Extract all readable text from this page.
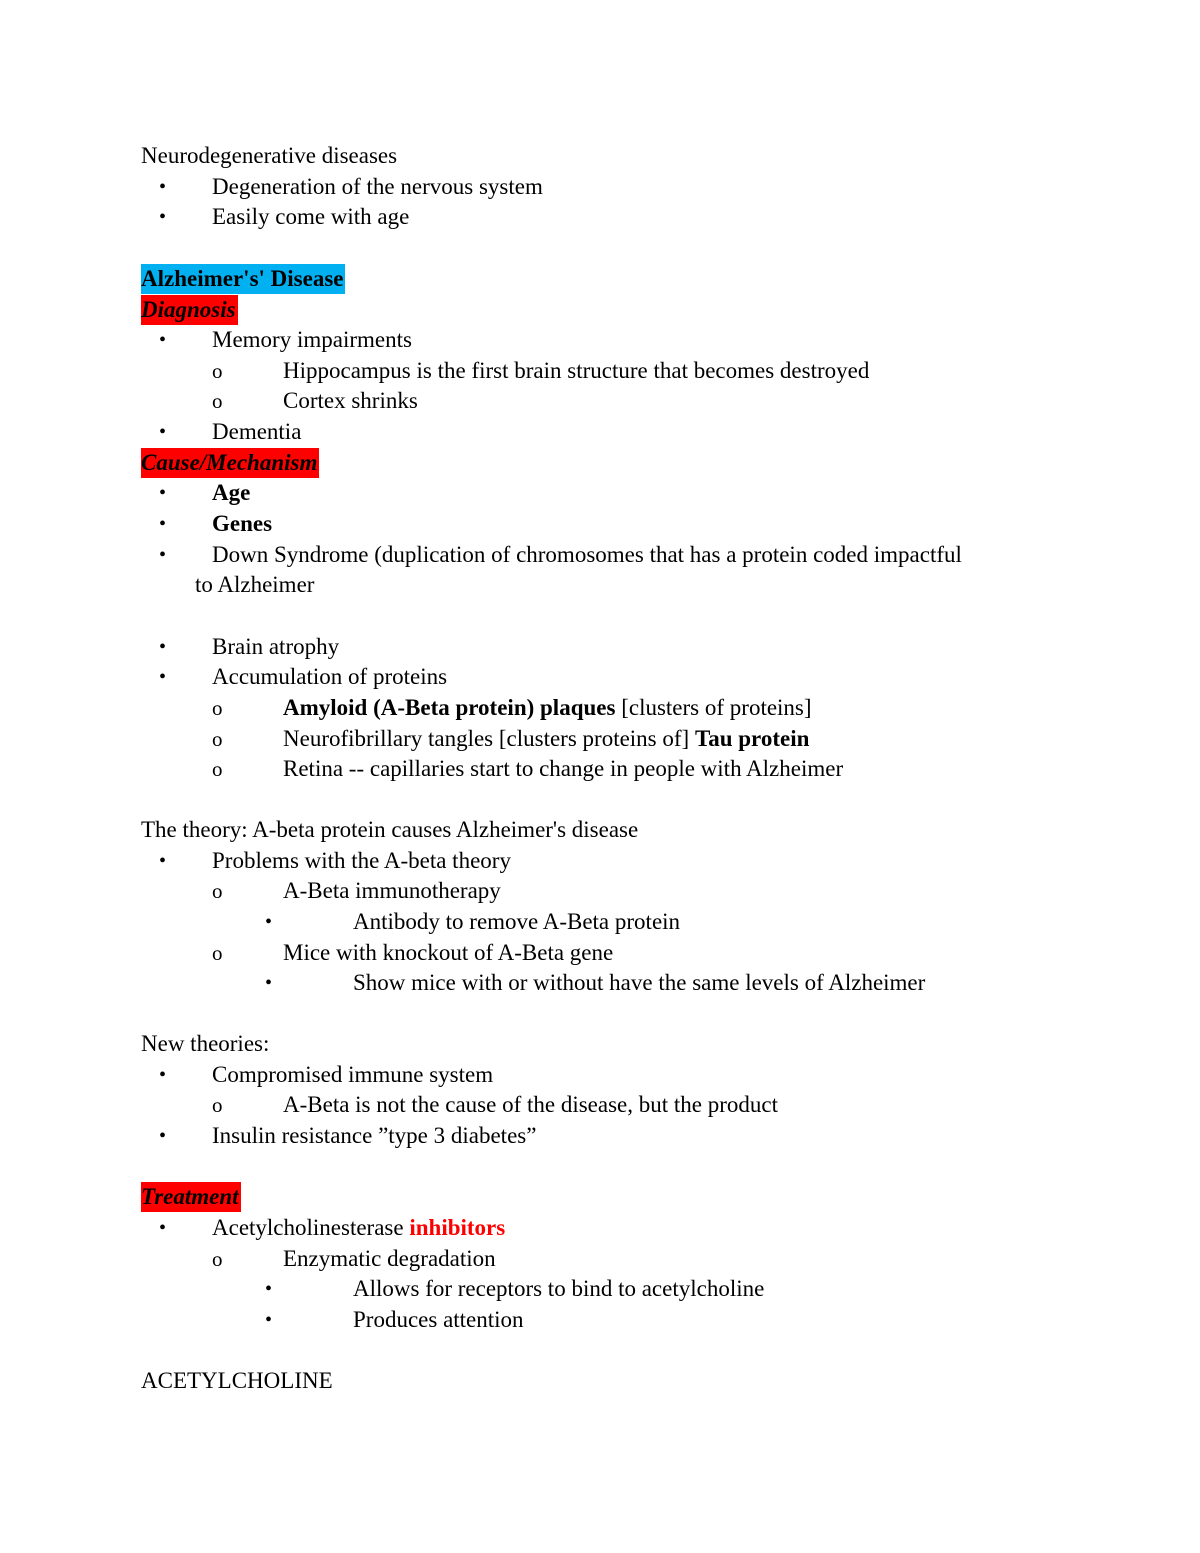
Neurodegenerative diseases
• Degeneration of the nervous system
• Easily come with age
Alzheimer's' Disease
Diagnosis
• Memory impairments
o	Hippocampus is the first brain structure that becomes destroyed
o	Cortex shrinks
• Dementia
Cause/Mechanism
• Age
• Genes
• Down Syndrome (duplication of chromosomes that has a protein coded impactful
to Alzheimer
• Brain atrophy
• Accumulation of proteins
o	Amyloid (A-Beta protein) plaques [clusters of proteins]
o	Neurofibrillary tangles [clusters proteins of] Tau protein
o	Retina -- capillaries start to change in people with Alzheimer
The theory: A-beta protein causes Alzheimer's disease
• Problems with the A-beta theory
o	A-Beta immunotherapy
•	Antibody to remove A-Beta protein
o	Mice with knockout of A-Beta gene
•	Show mice with or without have the same levels of Alzheimer
New theories:
• Compromised immune system
o	A-Beta is not the cause of the disease, but the product
• Insulin resistance ”type 3 diabetes”
Treatment
• Acetylcholinesterase inhibitors
o	Enzymatic degradation
•	Allows for receptors to bind to acetylcholine
•	Produces attention
ACETYLCHOLINE
